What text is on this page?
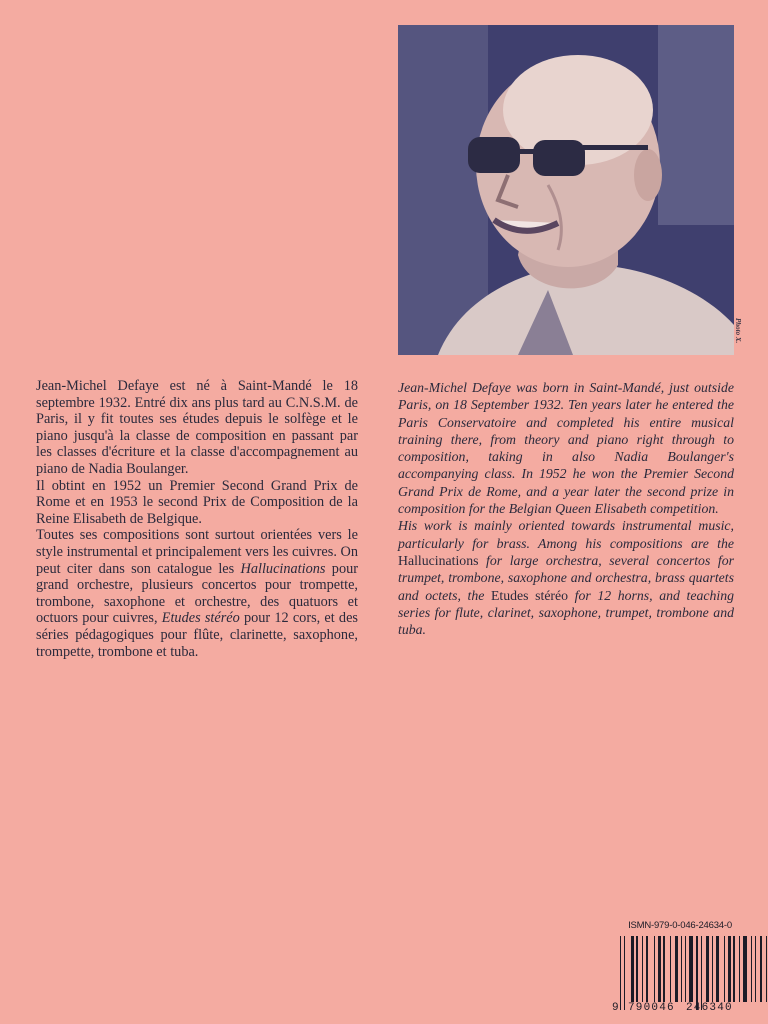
Photo X.

Jean-Michel Defaye est né à Saint-Mandé le 18 septembre 1932. Entré dix ans plus tard au C.N.S.M. de Paris, il y fit toutes ses études depuis le solfège et le piano jusqu'à la classe de composition en passant par les classes d'écriture et la classe d'accompagnement au piano de Nadia Boulanger.

Il obtint en 1952 un Premier Second Grand Prix de Rome et en 1953 le second Prix de Composition de la Reine Elisabeth de Belgique.

Toutes ses compositions sont surtout orientées vers le style instrumental et principalement vers les cuivres. On peut citer dans son catalogue les Hallucinations pour grand orchestre, plusieurs concertos pour trompette, trombone, saxophone et orchestre, des quatuors et octuors pour cuivres, Etudes stéréo pour 12 cors, et des séries pédagogiques pour flûte, clarinette, saxophone, trompette, trombone et tuba.

Jean-Michel Defaye was born in Saint-Mandé, just outside Paris, on 18 September 1932. Ten years later he entered the Paris Conservatoire and completed his entire musical training there, from theory and piano right through to composition, taking in also Nadia Boulanger's accompanying class. In 1952 he won the Premier Second Grand Prix de Rome, and a year later the second prize in composition for the Belgian Queen Elisabeth competition.

His work is mainly oriented towards instrumental music, particularly for brass. Among his compositions are the Hallucinations for large orchestra, several concertos for trumpet, trombone, saxophone and orchestra, brass quartets and octets, the Etudes stéréo for 12 horns, and teaching series for flute, clarinet, saxophone, trumpet, trombone and tuba.

ISMN-979-0-046-24634-0
9 790046 246340
